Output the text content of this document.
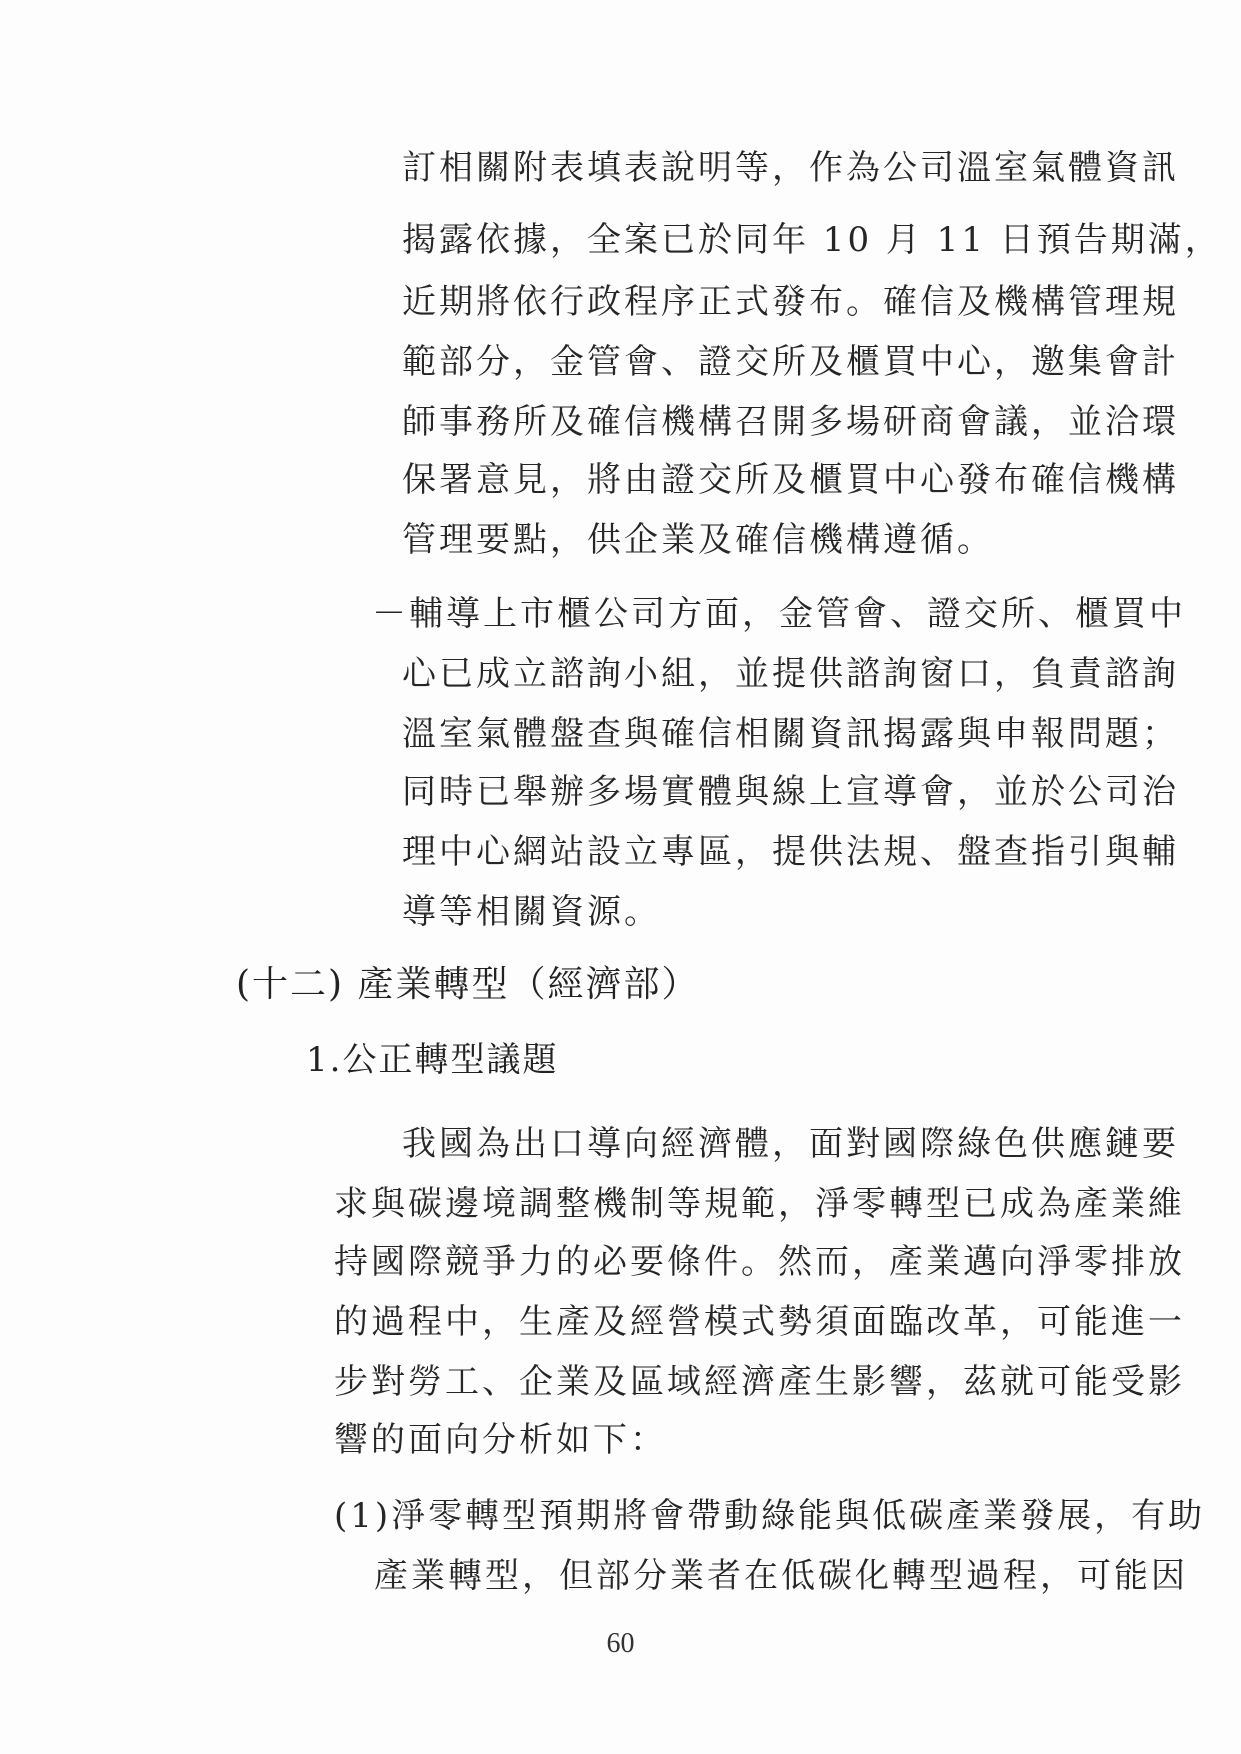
訂相關附表填表說明等，作為公司溫室氣體資訊
揭露依據，全案已於同年 10 月 11 日預告期滿，
近期將依行政程序正式發布。確信及機構管理規
範部分，金管會、證交所及櫃買中心，邀集會計
師事務所及確信機構召開多場研商會議，並洽環
保署意見，將由證交所及櫃買中心發布確信機構
管理要點，供企業及確信機構遵循。
－輔導上市櫃公司方面，金管會、證交所、櫃買中
心已成立諮詢小組，並提供諮詢窗口，負責諮詢
溫室氣體盤查與確信相關資訊揭露與申報問題；
同時已舉辦多場實體與線上宣導會，並於公司治
理中心網站設立專區，提供法規、盤查指引與輔
導等相關資源。
(十二) 產業轉型（經濟部）
1.公正轉型議題
我國為出口導向經濟體，面對國際綠色供應鏈要
求與碳邊境調整機制等規範，淨零轉型已成為產業維
持國際競爭力的必要條件。然而，產業邁向淨零排放
的過程中，生產及經營模式勢須面臨改革，可能進一
步對勞工、企業及區域經濟產生影響，茲就可能受影
響的面向分析如下：
(1)淨零轉型預期將會帶動綠能與低碳產業發展，有助
產業轉型，但部分業者在低碳化轉型過程，可能因
60
